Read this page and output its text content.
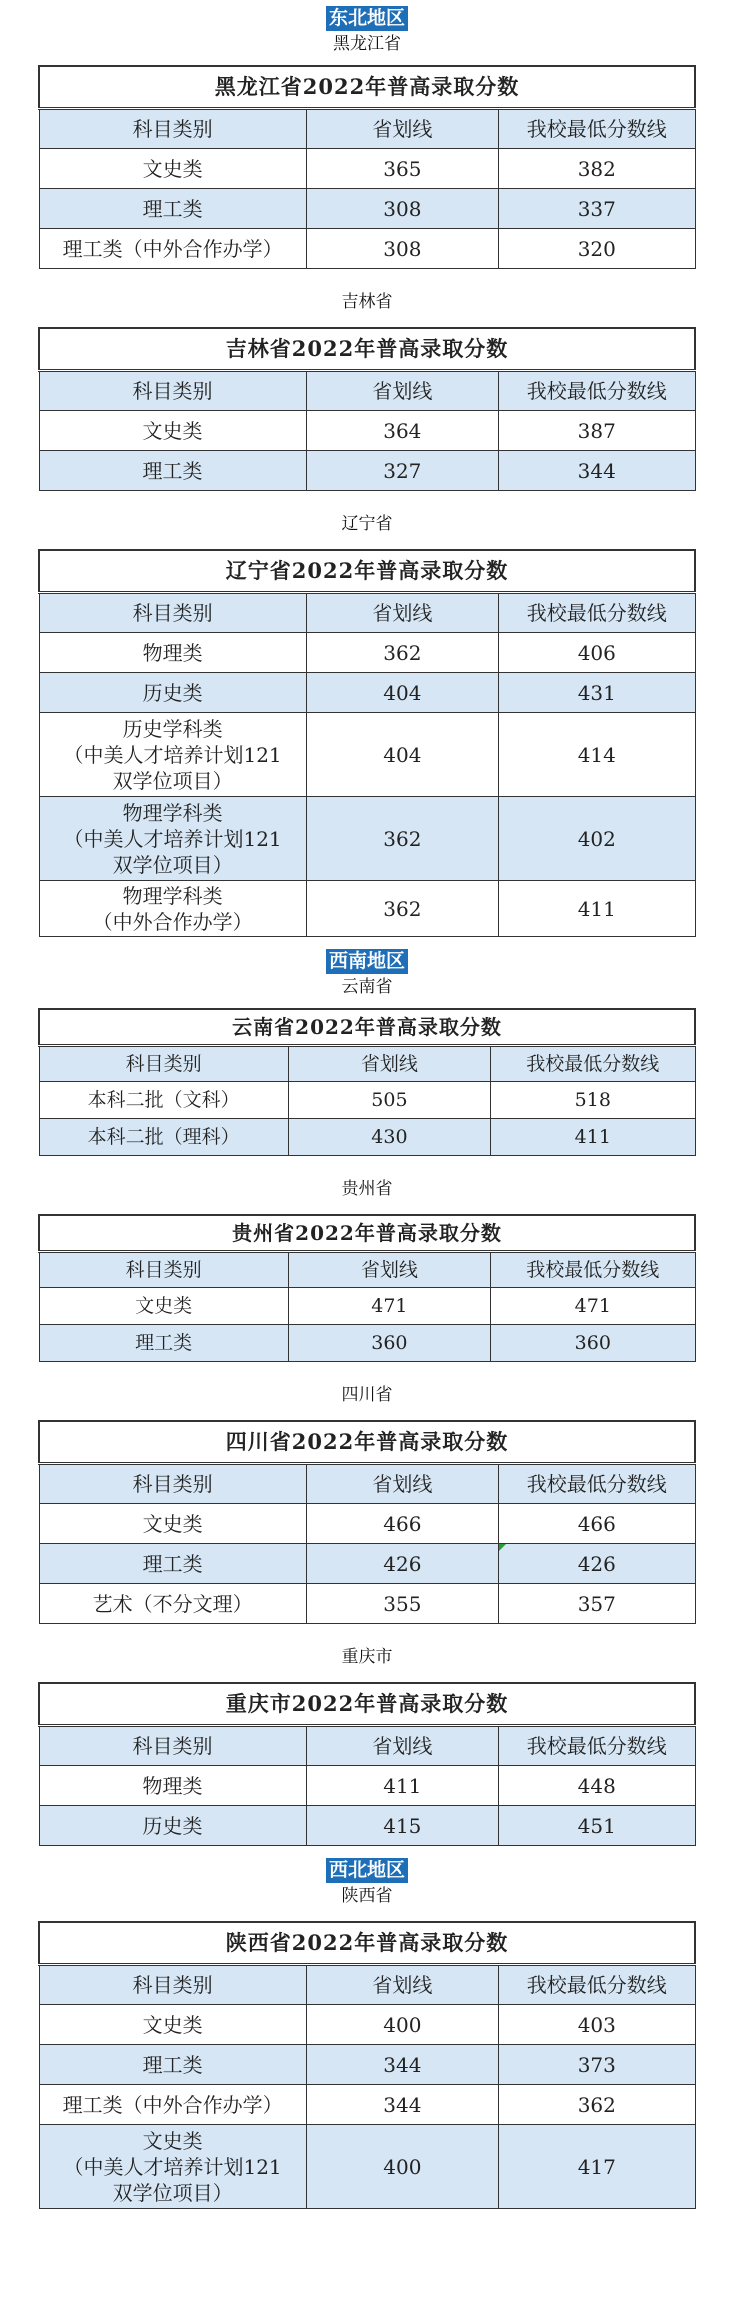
东北地区
黑龙江省
黑龙江省2022年普高录取分数		
科目类别	省划线	我校最低分数线
文史类	365	382
理工类	308	337
理工类（中外合作办学）	308	320
吉林省
吉林省2022年普高录取分数		
科目类别	省划线	我校最低分数线
文史类	364	387
理工类	327	344
辽宁省
辽宁省2022年普高录取分数		
科目类别	省划线	我校最低分数线
物理类	362	406
历史类	404	431

历史学科类
（中美人才培养计划121
双学位项目）	404	414

物理学科类
（中美人才培养计划121
双学位项目）	362	402

物理学科类
（中外合作办学）	362	411
西南地区
云南省
云南省2022年普高录取分数		
科目类别	省划线	我校最低分数线
本科二批（文科）	505	518
本科二批（理科）	430	411
贵州省
贵州省2022年普高录取分数		
科目类别	省划线	我校最低分数线
文史类	471	471
理工类	360	360
四川省
四川省2022年普高录取分数		
科目类别	省划线	我校最低分数线
文史类	466	466
理工类	426	426
艺术（不分文理）	355	357
重庆市
重庆市2022年普高录取分数		
科目类别	省划线	我校最低分数线
物理类	411	448
历史类	415	451
西北地区
陕西省
陕西省2022年普高录取分数		
科目类别	省划线	我校最低分数线
文史类	400	403
理工类	344	373
理工类（中外合作办学）	344	362

文史类
（中美人才培养计划121
双学位项目）	400	417
